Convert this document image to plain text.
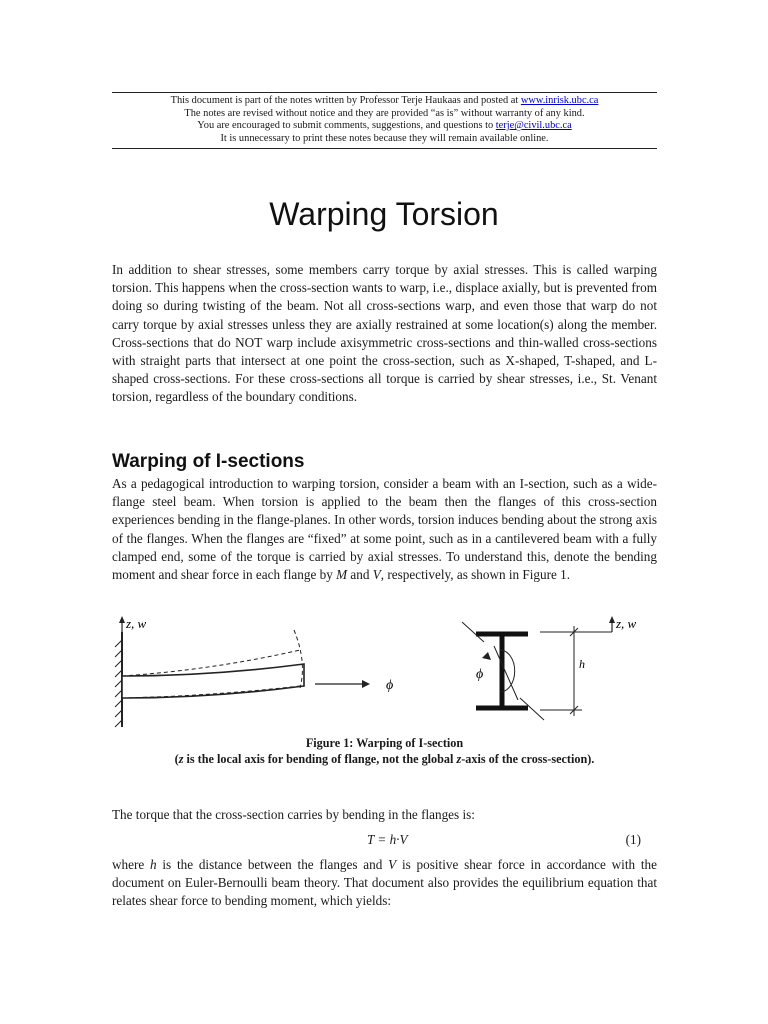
This document is part of the notes written by Professor Terje Haukaas and posted at www.inrisk.ubc.ca
The notes are revised without notice and they are provided “as is” without warranty of any kind.
You are encouraged to submit comments, suggestions, and questions to terje@civil.ubc.ca
It is unnecessary to print these notes because they will remain available online.
Warping Torsion

In addition to shear stresses, some members carry torque by axial stresses. This is called warping torsion. This happens when the cross-section wants to warp, i.e., displace axially, but is prevented from doing so during twisting of the beam. Not all cross-sections warp, and even those that warp do not carry torque by axial stresses unless they are axially restrained at some location(s) along the member. Cross-sections that do NOT warp include axisymmetric cross-sections and thin-walled cross-sections with straight parts that intersect at one point the cross-section, such as X-shaped, T-shaped, and L-shaped cross-sections. For these cross-sections all torque is carried by shear stresses, i.e., St. Venant torsion, regardless of the boundary conditions.

Warping of I-sections

As a pedagogical introduction to warping torsion, consider a beam with an I-section, such as a wide-flange steel beam. When torsion is applied to the beam then the flanges of this cross-section experiences bending in the flange-planes. In other words, torsion induces bending about the strong axis of the flanges. When the flanges are “fixed” at some point, such as in a cantilevered beam with a fully clamped end, some of the torque is carried by axial stresses. To understand this, denote the bending moment and shear force in each flange by M and V, respectively, as shown in Figure 1.

z, w
ϕ
ϕ
h
z, w
Figure 1: Warping of I-section
(z is the local axis for bending of flange, not the global z-axis of the cross-section).

The torque that the cross-section carries by bending in the flanges is:

T = h·V	(1)

where h is the distance between the flanges and V is positive shear force in accordance with the document on Euler-Bernoulli beam theory. That document also provides the equilibrium equation that relates shear force to bending moment, which yields:
